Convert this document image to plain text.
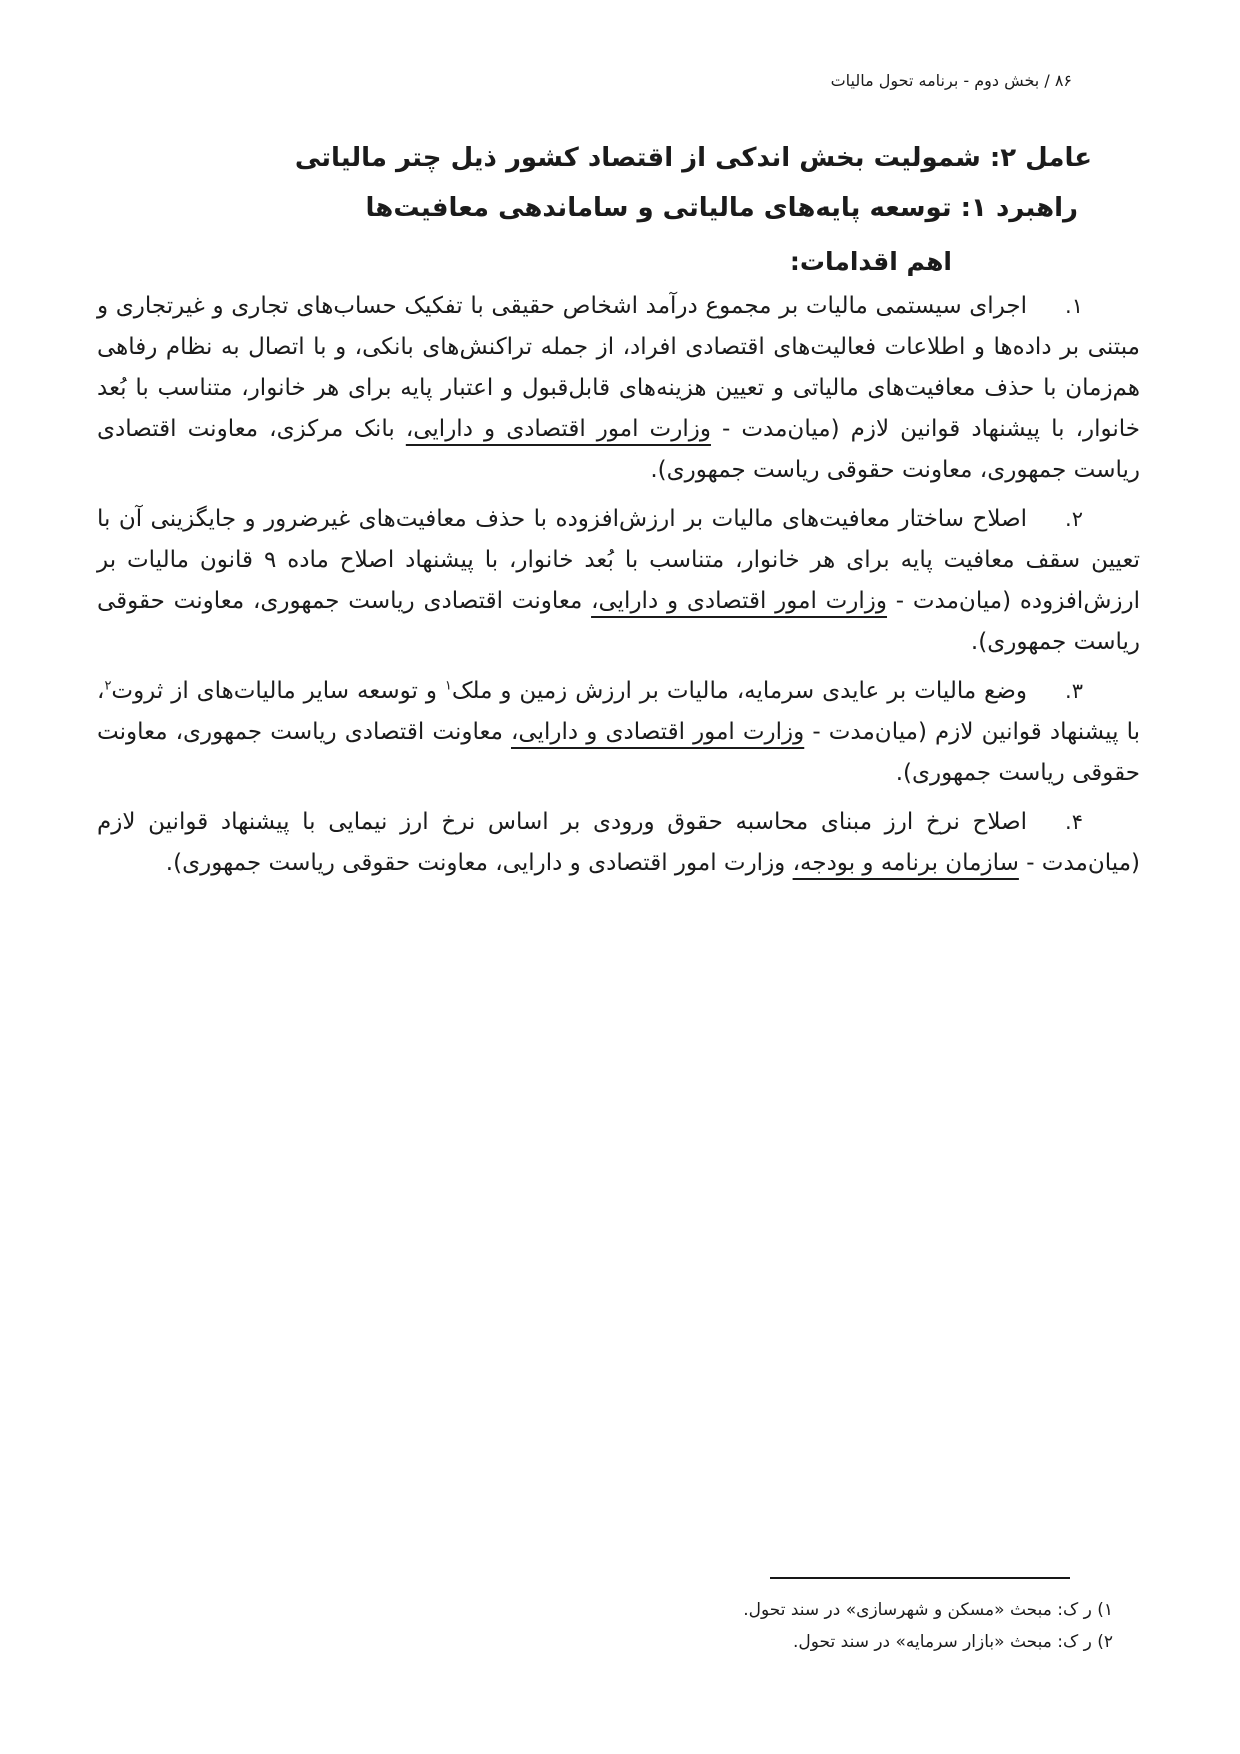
۸۶ / بخش دوم - برنامه تحول مالیات
عامل ۲: شمولیت بخش اندکی از اقتصاد کشور ذیل چتر مالیاتی
راهبرد ۱: توسعه پایه‌های مالیاتی و ساماندهی معافیت‌ها
اهم اقدامات:
۱.اجرای سیستمی مالیات بر مجموع درآمد اشخاص حقیقی با تفکیک حساب‌های تجاری و غیرتجاری و مبتنی بر داده‌ها و اطلاعات فعالیت‌های اقتصادی افراد، از جمله تراکنش‌های بانکی، و با اتصال به نظام رفاهی هم‌زمان با حذف معافیت‌های مالیاتی و تعیین هزینه‌های قابل‌قبول و اعتبار پایه برای هر خانوار، متناسب با بُعد خانوار، با پیشنهاد قوانین لازم (میان‌مدت - وزارت امور اقتصادی و دارایی، بانک مرکزی، معاونت اقتصادی ریاست جمهوری، معاونت حقوقی ریاست جمهوری).
۲.اصلاح ساختار معافیت‌های مالیات بر ارزش‌افزوده با حذف معافیت‌های غیرضرور و جایگزینی آن با تعیین سقف معافیت پایه برای هر خانوار، متناسب با بُعد خانوار، با پیشنهاد اصلاح ماده ۹ قانون مالیات بر ارزش‌افزوده (میان‌مدت - وزارت امور اقتصادی و دارایی، معاونت اقتصادی ریاست جمهوری، معاونت حقوقی ریاست جمهوری).
۳.وضع مالیات بر عایدی سرمایه، مالیات بر ارزش زمین و ملک$^۱$ و توسعه سایر مالیات‌های از ثروت$^۲$، با پیشنهاد قوانین لازم (میان‌مدت - وزارت امور اقتصادی و دارایی، معاونت اقتصادی ریاست جمهوری، معاونت حقوقی ریاست جمهوری).
۴.اصلاح نرخ ارز مبنای محاسبه حقوق ورودی بر اساس نرخ ارز نیمایی با پیشنهاد قوانین لازم (میان‌مدت - سازمان برنامه و بودجه، وزارت امور اقتصادی و دارایی، معاونت حقوقی ریاست جمهوری).
۱) ر ک: مبحث «مسکن و شهرسازی» در سند تحول.
۲) ر ک: مبحث «بازار سرمایه» در سند تحول.
